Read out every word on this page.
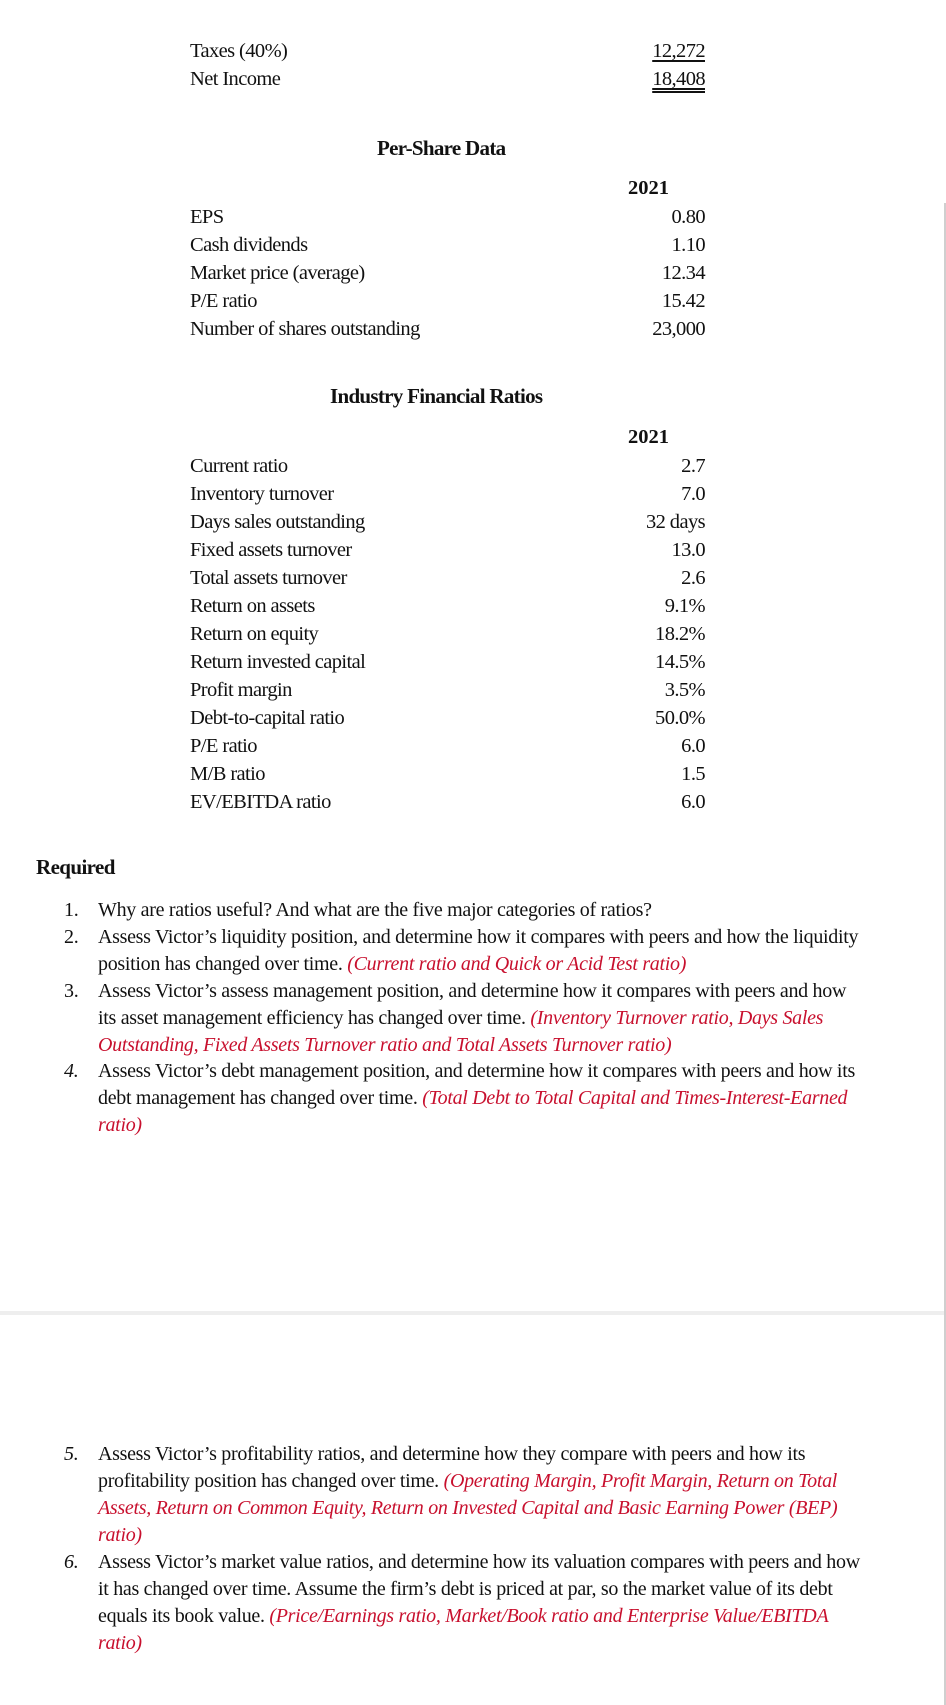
Taxes (40%)	12,272
Net Income	18,408
Per-Share Data
2021
EPS	0.80
Cash dividends	1.10
Market price (average)	12.34
P/E ratio	15.42
Number of shares outstanding	23,000
Industry Financial Ratios
2021
Current ratio	2.7
Inventory turnover	7.0
Days sales outstanding	32 days
Fixed assets turnover	13.0
Total assets turnover	2.6
Return on assets	9.1%
Return on equity	18.2%
Return invested capital	14.5%
Profit margin	3.5%
Debt-to-capital ratio	50.0%
P/E ratio	6.0
M/B ratio	1.5
EV/EBITDA ratio	6.0
Required
1. Why are ratios useful? And what are the five major categories of ratios?
2. Assess Victor’s liquidity position, and determine how it compares with peers and how the liquidity position has changed over time. (Current ratio and Quick or Acid Test ratio)
3. Assess Victor’s assess management position, and determine how it compares with peers and how its asset management efficiency has changed over time. (Inventory Turnover ratio, Days Sales Outstanding, Fixed Assets Turnover ratio and Total Assets Turnover ratio)
4. Assess Victor’s debt management position, and determine how it compares with peers and how its debt management has changed over time. (Total Debt to Total Capital and Times-Interest-Earned ratio)
5. Assess Victor’s profitability ratios, and determine how they compare with peers and how its profitability position has changed over time. (Operating Margin, Profit Margin, Return on Total Assets, Return on Common Equity, Return on Invested Capital and Basic Earning Power (BEP) ratio)
6. Assess Victor’s market value ratios, and determine how its valuation compares with peers and how it has changed over time. Assume the firm’s debt is priced at par, so the market value of its debt equals its book value. (Price/Earnings ratio, Market/Book ratio and Enterprise Value/EBITDA ratio)
